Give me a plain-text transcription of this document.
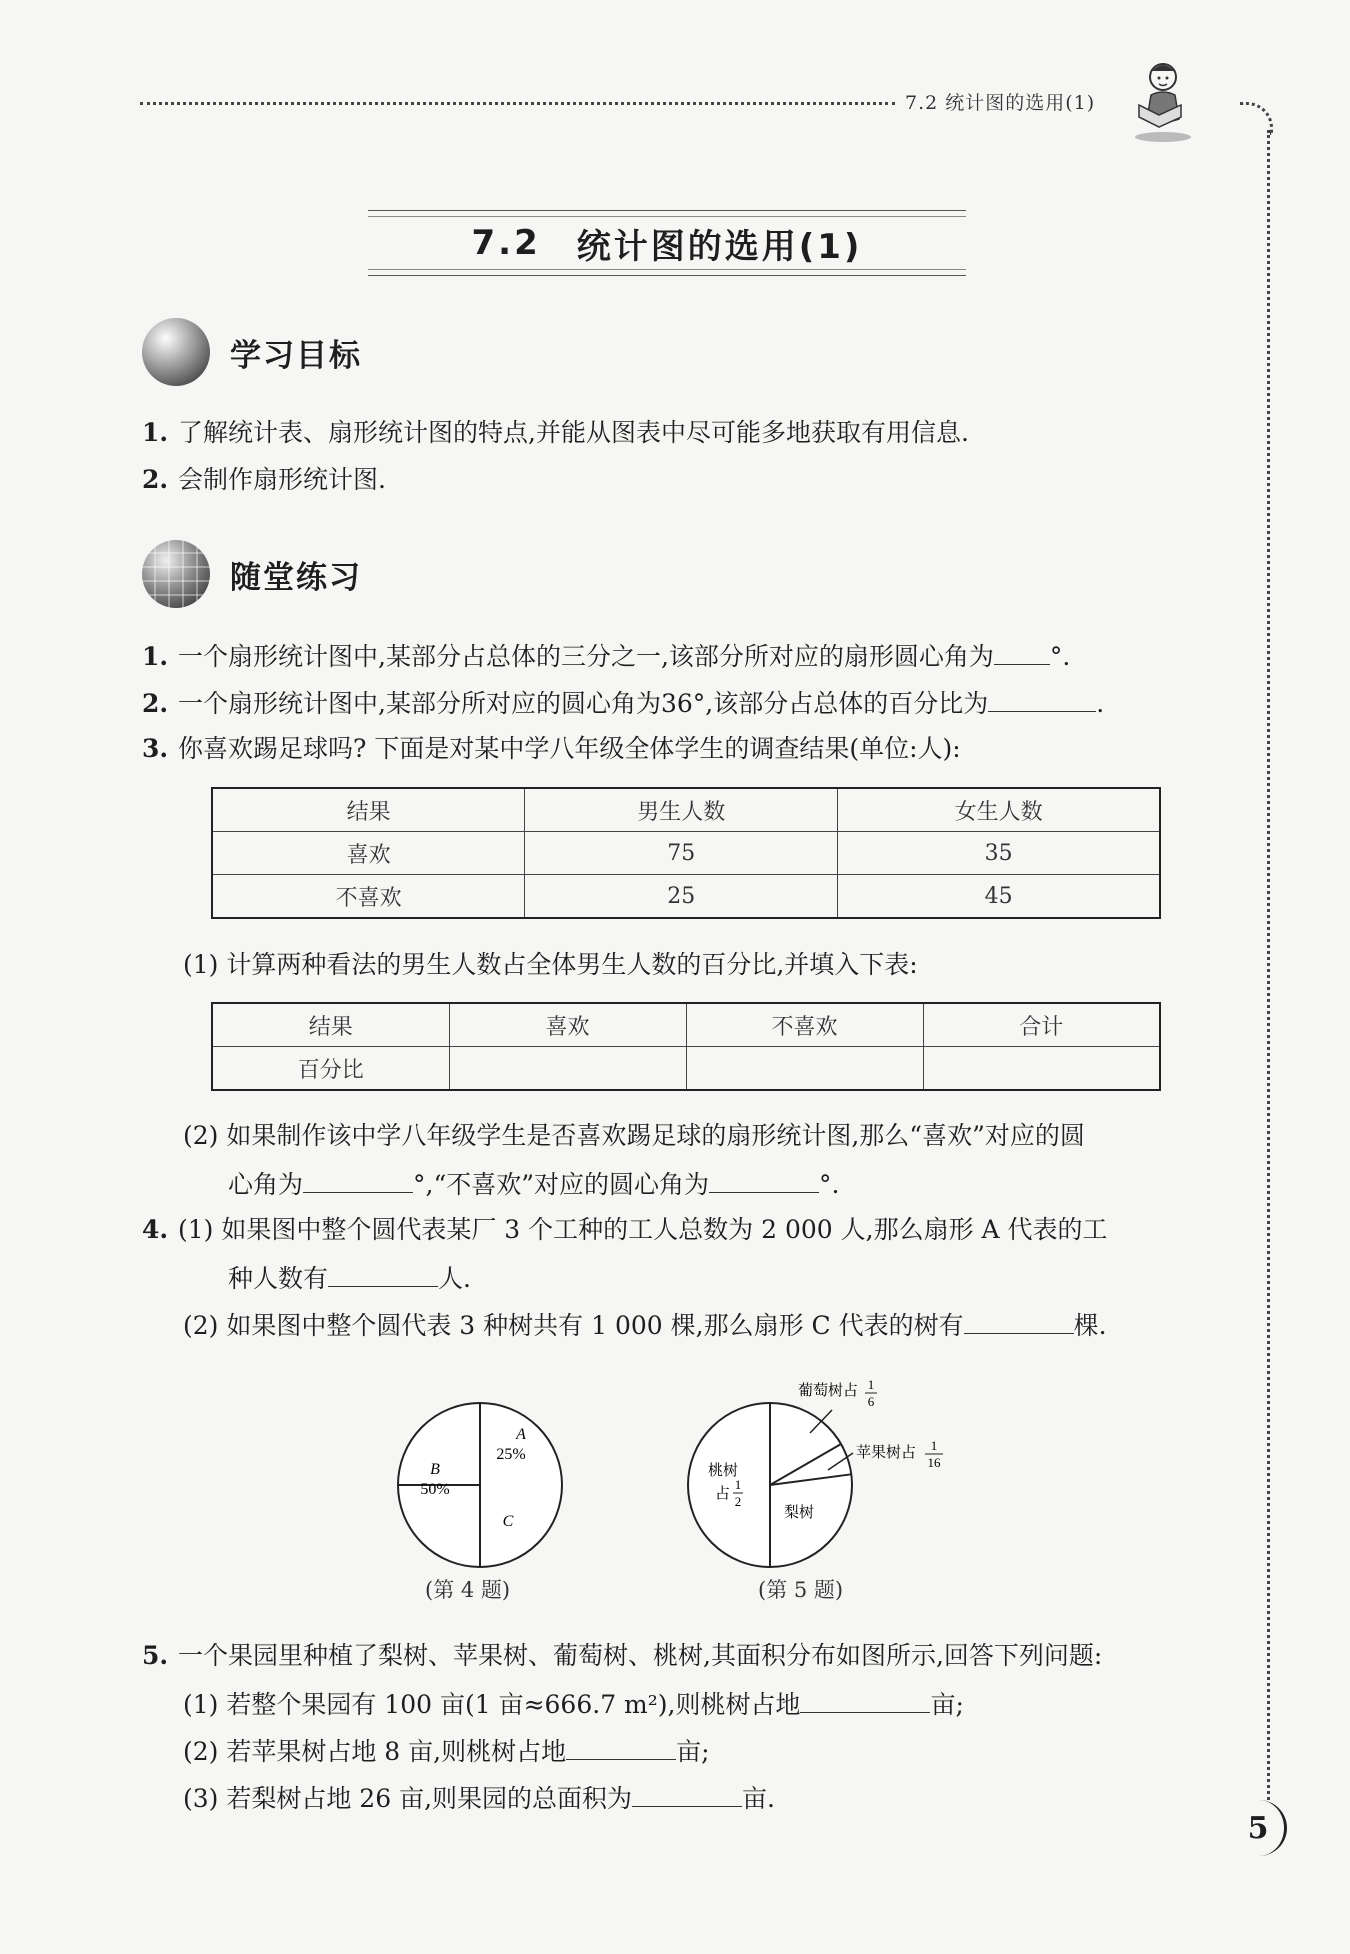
7.2 统计图的选用(1)
7.2 统计图的选用(1)
学习目标
1. 了解统计表、扇形统计图的特点,并能从图表中尽可能多地获取有用信息.
2. 会制作扇形统计图.
随堂练习
1. 一个扇形统计图中,某部分占总体的三分之一,该部分所对应的扇形圆心角为 °.
2. 一个扇形统计图中,某部分所对应的圆心角为36°,该部分占总体的百分比为	.
3. 你喜欢踢足球吗? 下面是对某中学八年级全体学生的调查结果(单位:人):
结果	男生人数	女生人数
喜欢	75	35
不喜欢	25	45
(1) 计算两种看法的男生人数占全体男生人数的百分比,并填入下表:
结果	喜欢	不喜欢	合计
百分比			
(2) 如果制作该中学八年级学生是否喜欢踢足球的扇形统计图,那么“喜欢”对应的圆
心角为	°,“不喜欢”对应的圆心角为	°.
4. (1) 如果图中整个圆代表某厂 3 个工种的工人总数为 2 000 人,那么扇形 A 代表的工
种人数有	人.
(2) 如果图中整个圆代表 3 种树共有 1 000 棵,那么扇形 C 代表的树有	棵.
A
25%
B
50%
C
(第 4 题)
葡萄树占 1
6
苹果树占 1
16
桃树
占
1
2
梨树
(第 5 题)
5. 一个果园里种植了梨树、苹果树、葡萄树、桃树,其面积分布如图所示,回答下列问题:
(1) 若整个果园有 100 亩(1 亩≈666.7 m²),则桃树占地	亩;
(2) 若苹果树占地 8 亩,则桃树占地	亩;
(3) 若梨树占地 26 亩,则果园的总面积为	亩.
5
